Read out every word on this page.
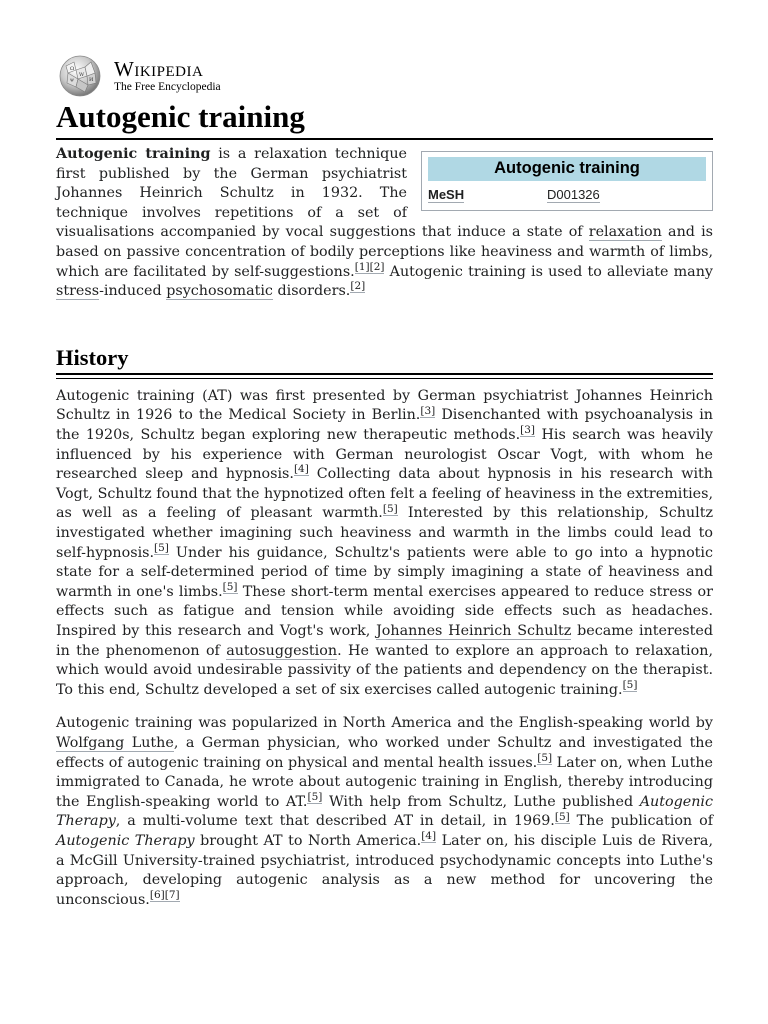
Ω
W
ψ	И Wikipedia
The Free Encyclopedia
Autogenic training
Autogenic training
MeSH	D001326

Autogenic training is a relaxation technique first published by the German psychiatrist Johannes Heinrich Schultz in 1932. The technique involves repetitions of a set of visualisations accompanied by vocal suggestions that induce a state of relaxation and is based on passive concentration of bodily perceptions like heaviness and warmth of limbs, which are facilitated by self-suggestions.[1][2] Autogenic training is used to alleviate many stress-induced psychosomatic disorders.[2]

History

Autogenic training (AT) was first presented by German psychiatrist Johannes Heinrich Schultz in 1926 to the Medical Society in Berlin.[3] Disenchanted with psychoanalysis in the 1920s, Schultz began exploring new therapeutic methods.[3] His search was heavily influenced by his experience with German neurologist Oscar Vogt, with whom he researched sleep and hypnosis.[4] Collecting data about hypnosis in his research with Vogt, Schultz found that the hypnotized often felt a feeling of heaviness in the extremities, as well as a feeling of pleasant warmth.[5] Interested by this relationship, Schultz investigated whether imagining such heaviness and warmth in the limbs could lead to self-hypnosis.[5] Under his guidance, Schultz's patients were able to go into a hypnotic state for a self-determined period of time by simply imagining a state of heaviness and warmth in one's limbs.[5] These short-term mental exercises appeared to reduce stress or effects such as fatigue and tension while avoiding side effects such as headaches. Inspired by this research and Vogt's work, Johannes Heinrich Schultz became interested in the phenomenon of autosuggestion. He wanted to explore an approach to relaxation, which would avoid undesirable passivity of the patients and dependency on the therapist. To this end, Schultz developed a set of six exercises called autogenic training.[5]

Autogenic training was popularized in North America and the English-speaking world by Wolfgang Luthe, a German physician, who worked under Schultz and investigated the effects of autogenic training on physical and mental health issues.[5] Later on, when Luthe immigrated to Canada, he wrote about autogenic training in English, thereby introducing the English-speaking world to AT.[5] With help from Schultz, Luthe published Autogenic Therapy, a multi-volume text that described AT in detail, in 1969.[5] The publication of Autogenic Therapy brought AT to North America.[4] Later on, his disciple Luis de Rivera, a McGill University-trained psychiatrist, introduced psychodynamic concepts into Luthe's approach, developing autogenic analysis as a new method for uncovering the unconscious.[6][7]
